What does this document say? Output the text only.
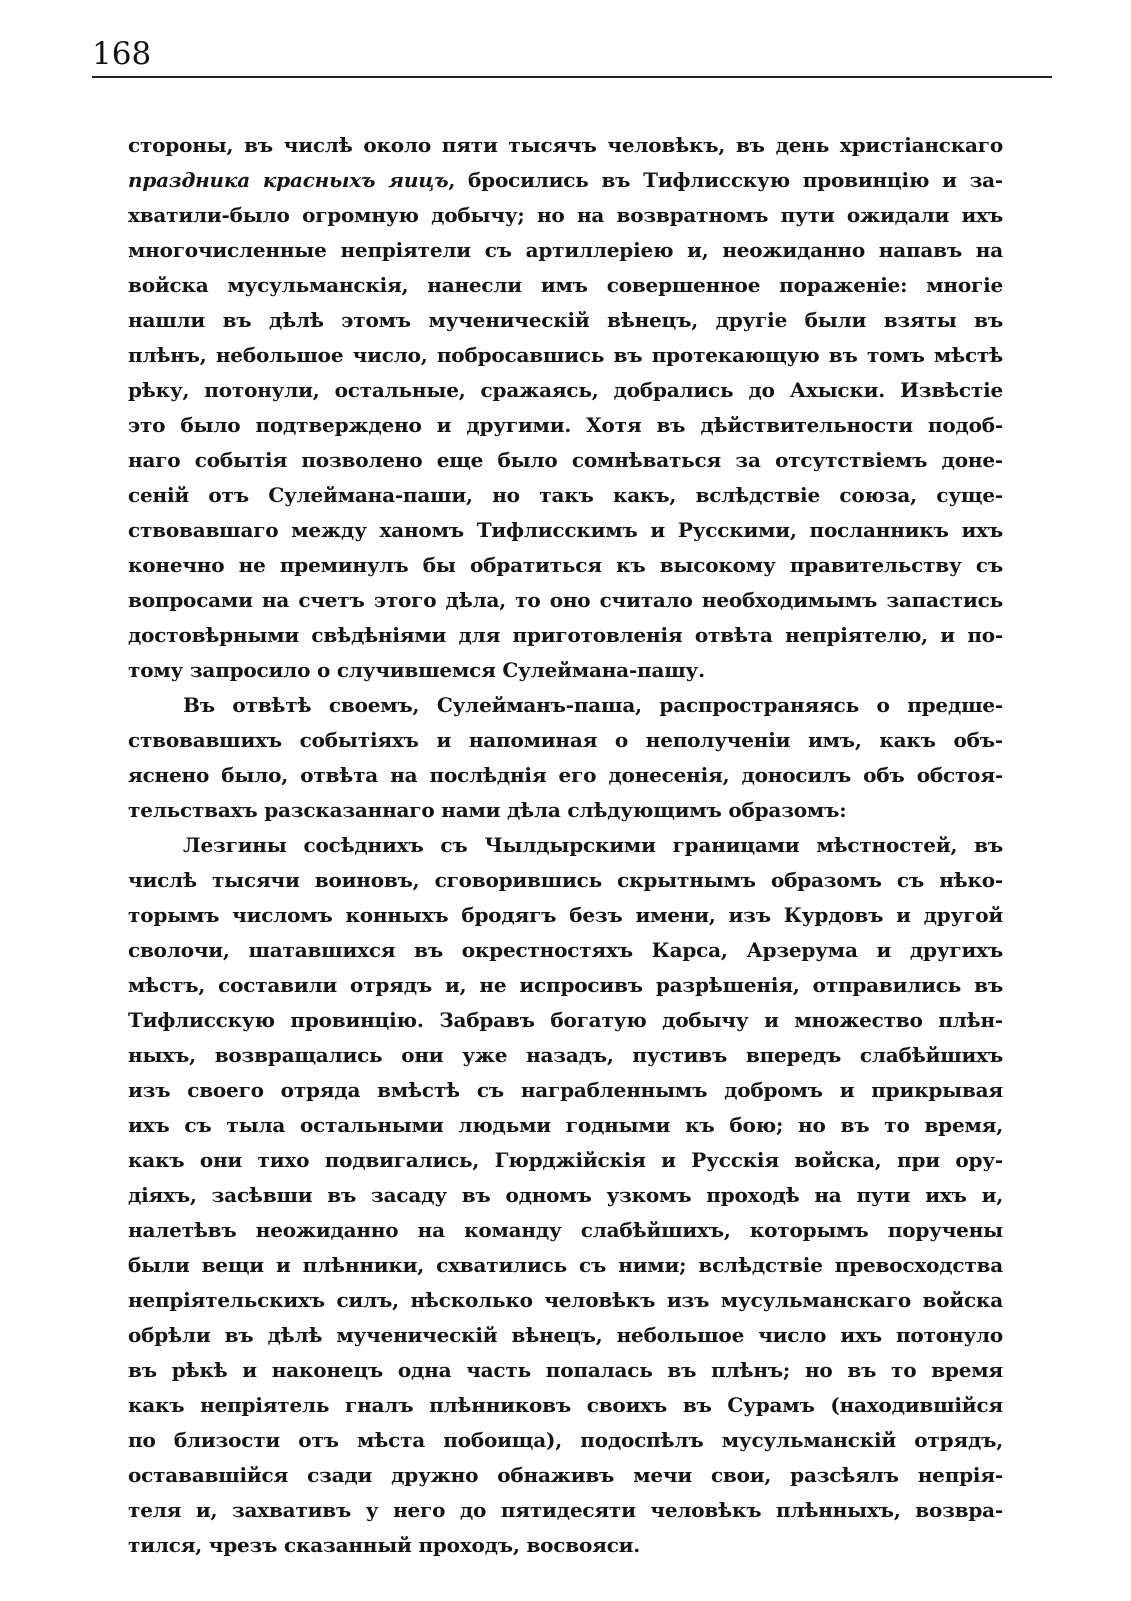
168
стороны, въ числѣ около пяти тысячъ человѣкъ, въ день христіанскаго
праздника красныхъ яицъ, бросились въ Тифлисскую провинцію и за-
хватили-было огромную добычу; но на возвратномъ пути ожидали ихъ
многочисленные непріятели съ артиллеріею и, неожиданно напавъ на
войска мусульманскія, нанесли имъ совершенное пораженіе: многіе
нашли въ дѣлѣ этомъ мученическій вѣнецъ, другіе были взяты въ
плѣнъ, небольшое число, побросавшись въ протекающую въ томъ мѣстѣ
рѣку, потонули, остальные, сражаясь, добрались до Ахыски. Извѣстіе
это было подтверждено и другими. Хотя въ дѣйствительности подоб-
наго событія позволено еще было сомнѣваться за отсутствіемъ доне-
сеній отъ Сулеймана-паши, но такъ какъ, вслѣдствіе союза, суще-
ствовавшаго между ханомъ Тифлисскимъ и Русскими, посланникъ ихъ
конечно не преминулъ бы обратиться къ высокому правительству съ
вопросами на счетъ этого дѣла, то оно считало необходимымъ запастись
достовѣрными свѣдѣніями для приготовленія отвѣта непріятелю, и по-
тому запросило о случившемся Сулеймана-пашу.
Въ отвѣтѣ своемъ, Сулейманъ-паша, распространяясь о предше-
ствовавшихъ событіяхъ и напоминая о неполученіи имъ, какъ объ-
яснено было, отвѣта на послѣднія его донесенія, доносилъ объ обстоя-
тельствахъ разсказаннаго нами дѣла слѣдующимъ образомъ:
Лезгины сосѣднихъ съ Чылдырскими границами мѣстностей, въ
числѣ тысячи воиновъ, сговорившись скрытнымъ образомъ съ нѣко-
торымъ числомъ конныхъ бродягъ безъ имени, изъ Курдовъ и другой
сволочи, шатавшихся въ окрестностяхъ Карса, Арзерума и другихъ
мѣстъ, составили отрядъ и, не испросивъ разрѣшенія, отправились въ
Тифлисскую провинцію. Забравъ богатую добычу и множество плѣн-
ныхъ, возвращались они уже назадъ, пустивъ впередъ слабѣйшихъ
изъ своего отряда вмѣстѣ съ награбленнымъ добромъ и прикрывая
ихъ съ тыла остальными людьми годными къ бою; но въ то время,
какъ они тихо подвигались, Гюрджійскія и Русскія войска, при ору-
діяхъ, засѣвши въ засаду въ одномъ узкомъ проходѣ на пути ихъ и,
налетѣвъ неожиданно на команду слабѣйшихъ, которымъ поручены
были вещи и плѣнники, схватились съ ними; вслѣдствіе превосходства
непріятельскихъ силъ, нѣсколько человѣкъ изъ мусульманскаго войска
обрѣли въ дѣлѣ мученическій вѣнецъ, небольшое число ихъ потонуло
въ рѣкѣ и наконецъ одна часть попалась въ плѣнъ; но въ то время
какъ непріятель гналъ плѣнниковъ своихъ въ Сурамъ (находившійся
по близости отъ мѣста побоища), подоспѣлъ мусульманскій отрядъ,
остававшійся сзади дружно обнаживъ мечи свои, разсѣялъ непрія-
теля и, захвативъ у него до пятидесяти человѣкъ плѣнныхъ, возвра-
тился, чрезъ сказанный проходъ, восвояси.
